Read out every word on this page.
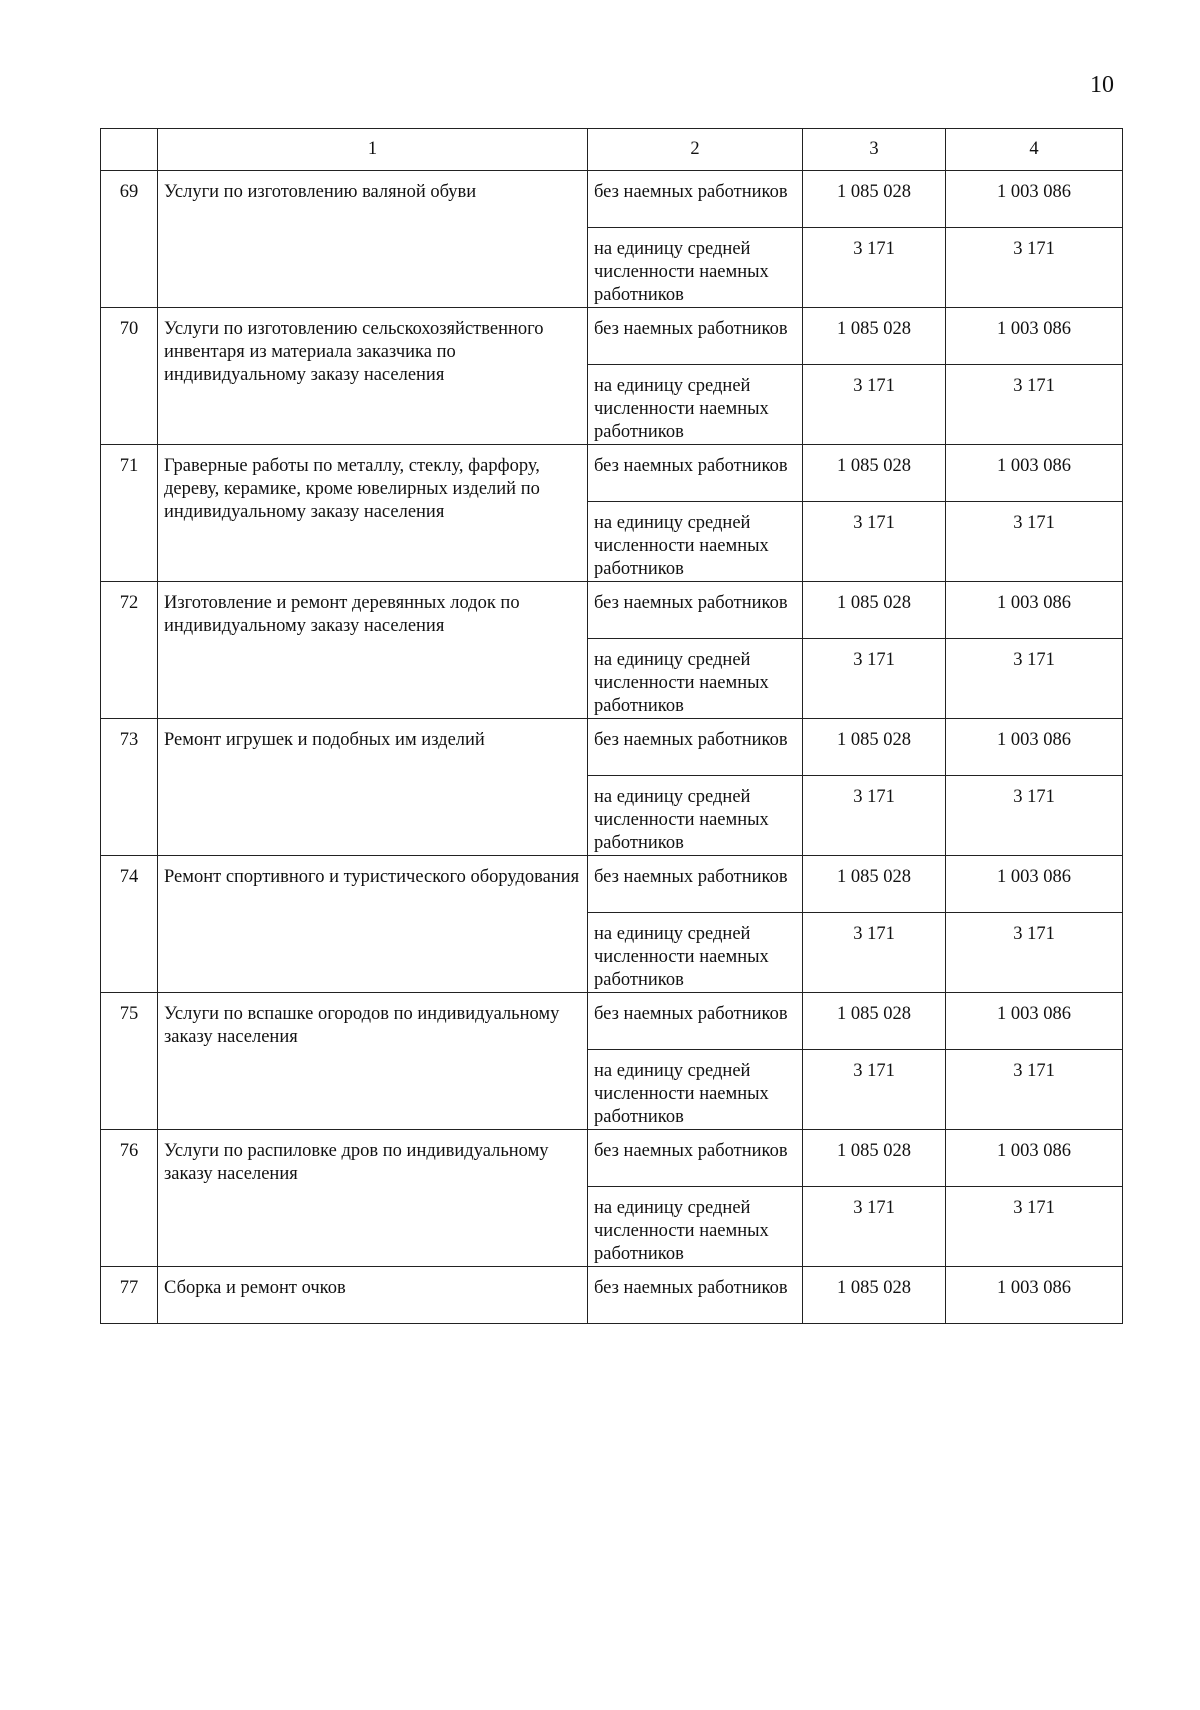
10
	1	2	3	4
69	Услуги по изготовлению валяной обуви	без наемных работников	1 085 028	1 003 086
		на единицу средней численности наемных работников	3 171	3 171
70	Услуги по изготовлению сельскохозяйственного инвентаря из материала заказчика по индивидуальному заказу населения	без наемных работников	1 085 028	1 003 086
		на единицу средней численности наемных работников	3 171	3 171
71	Граверные работы по металлу, стеклу, фарфору, дереву, керамике, кроме ювелирных изделий по индивидуальному заказу населения	без наемных работников	1 085 028	1 003 086
		на единицу средней численности наемных работников	3 171	3 171
72	Изготовление и ремонт деревянных лодок по индивидуальному заказу населения	без наемных работников	1 085 028	1 003 086
		на единицу средней численности наемных работников	3 171	3 171
73	Ремонт игрушек и подобных им изделий	без наемных работников	1 085 028	1 003 086
		на единицу средней численности наемных работников	3 171	3 171
74	Ремонт спортивного и туристического оборудования	без наемных работников	1 085 028	1 003 086
		на единицу средней численности наемных работников	3 171	3 171
75	Услуги по вспашке огородов по индивидуальному заказу населения	без наемных работников	1 085 028	1 003 086
		на единицу средней численности наемных работников	3 171	3 171
76	Услуги по распиловке дров по индивидуальному заказу населения	без наемных работников	1 085 028	1 003 086
		на единицу средней численности наемных работников	3 171	3 171
77	Сборка и ремонт очков	без наемных работников	1 085 028	1 003 086
